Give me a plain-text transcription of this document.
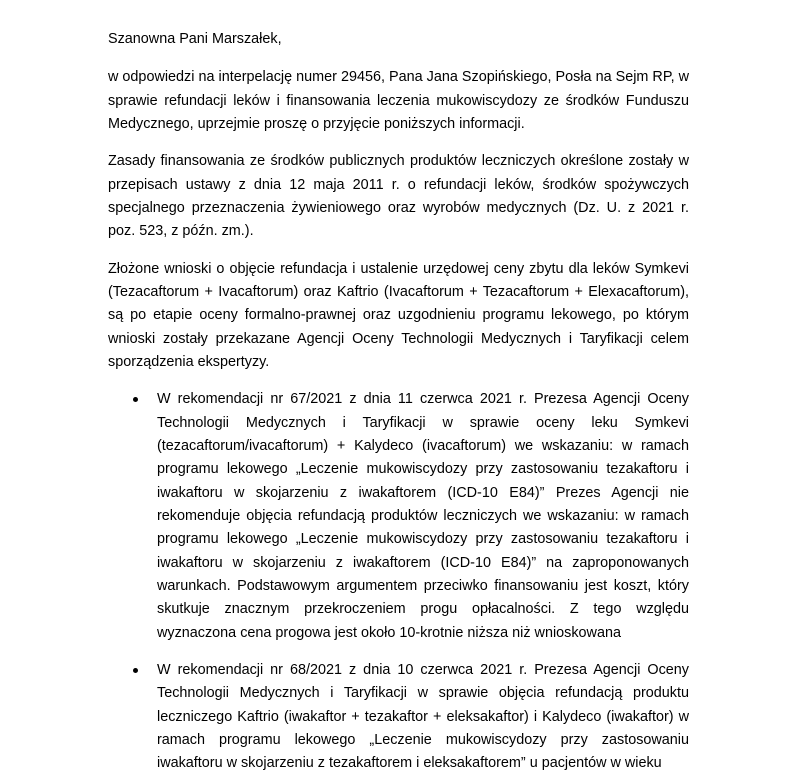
Szanowna Pani Marszałek,

w odpowiedzi na interpelację numer 29456, Pana Jana Szopińskiego, Posła na Sejm RP, w sprawie refundacji leków i finansowania leczenia mukowiscydozy ze środków Funduszu Medycznego, uprzejmie proszę o przyjęcie poniższych informacji.

Zasady finansowania ze środków publicznych produktów leczniczych określone zostały w przepisach ustawy z dnia 12 maja 2011 r. o refundacji leków, środków spożywczych specjalnego przeznaczenia żywieniowego oraz wyrobów medycznych (Dz. U. z 2021 r. poz. 523, z późn. zm.).

Złożone wnioski o objęcie refundacja i ustalenie urzędowej ceny zbytu dla leków Symkevi (Tezacaftorum + Ivacaftorum) oraz Kaftrio (Ivacaftorum + Tezacaftorum + Elexacaftorum), są po etapie oceny formalno-prawnej oraz uzgodnieniu programu lekowego, po którym wnioski zostały przekazane Agencji Oceny Technologii Medycznych i Taryfikacji celem sporządzenia ekspertyzy.

W rekomendacji nr 67/2021 z dnia 11 czerwca 2021 r. Prezesa Agencji Oceny Technologii Medycznych i Taryfikacji w sprawie oceny leku Symkevi (tezacaftorum/ivacaftorum) + Kalydeco (ivacaftorum) we wskazaniu: w ramach programu lekowego „Leczenie mukowiscydozy przy zastosowaniu tezakaftoru i iwakaftoru w skojarzeniu z iwakaftorem (ICD-10 E84)” Prezes Agencji nie rekomenduje objęcia refundacją produktów leczniczych we wskazaniu: w ramach programu lekowego „Leczenie mukowiscydozy przy zastosowaniu tezakaftoru i iwakaftoru w skojarzeniu z iwakaftorem (ICD-10 E84)” na zaproponowanych warunkach. Podstawowym argumentem przeciwko finansowaniu jest koszt, który skutkuje znacznym przekroczeniem progu opłacalności. Z tego względu wyznaczona cena progowa jest około 10-krotnie niższa niż wnioskowana
W rekomendacji nr 68/2021 z dnia 10 czerwca 2021 r. Prezesa Agencji Oceny Technologii Medycznych i Taryfikacji w sprawie objęcia refundacją produktu leczniczego Kaftrio (iwakaftor + tezakaftor + eleksakaftor) i Kalydeco (iwakaftor) w ramach programu lekowego „Leczenie mukowiscydozy przy zastosowaniu iwakaftoru w skojarzeniu z tezakaftorem i eleksakaftorem” u pacjentów w wieku
